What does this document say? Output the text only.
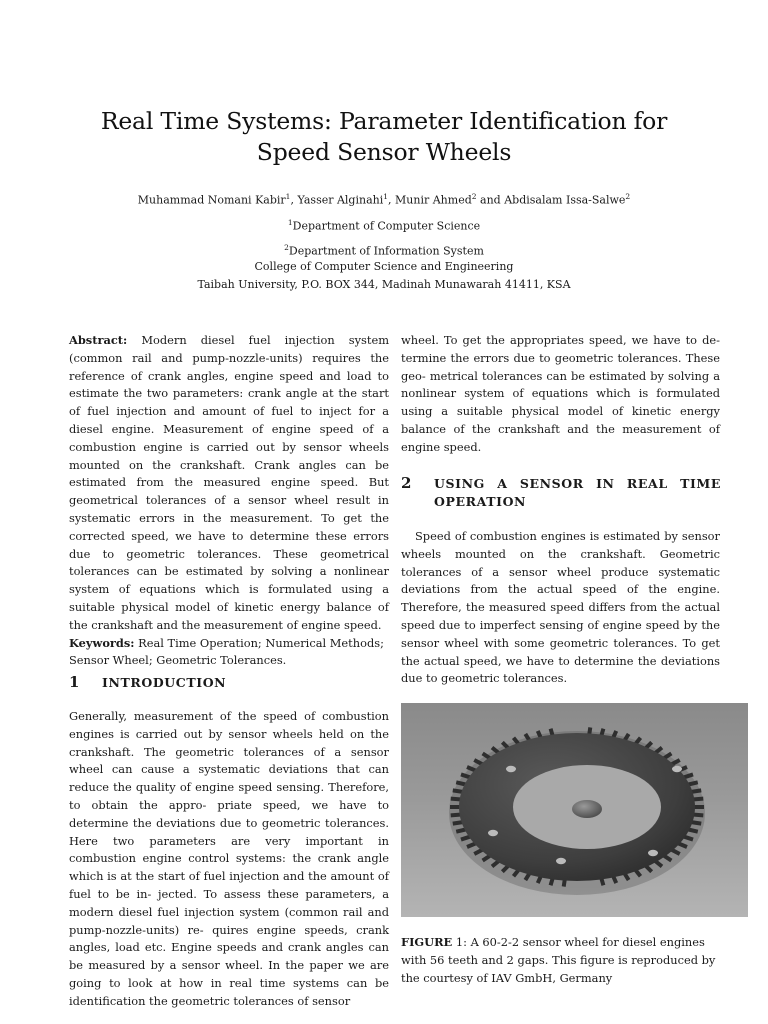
Real Time Systems: Parameter Identification for
Speed Sensor Wheels
Muhammad Nomani Kabir$^1$, Yasser Alginahi$^1$, Munir Ahmed$^2$ and Abdisalam Issa-Salwe$^2$
$^1$Department of Computer Science
$^2$Department of Information System
College of Computer Science and Engineering
Taibah University, P.O. BOX 344, Madinah Munawarah 41411, KSA

Abstract: Modern diesel fuel injection system (common rail and pump-nozzle-units) requires the reference of crank angles, engine speed and load to estimate the two parameters: crank angle at the start of fuel injection and amount of fuel to inject for a diesel engine. Measurement of engine speed of a combustion engine is carried out by sensor wheels mounted on the crankshaft. Crank angles can be estimated from the measured engine speed. But geometrical tolerances of a sensor wheel result in systematic errors in the measurement. To get the corrected speed, we have to determine these errors due to geometric tolerances. These geometrical tolerances can be estimated by solving a nonlinear system of equations which is formulated using a suitable physical model of kinetic energy balance of the crankshaft and the measurement of engine speed.

Keywords: Real Time Operation; Numerical Methods; Sensor Wheel; Geometric Tolerances.

1 INTRODUCTION

Generally, measurement of the speed of combustion engines is carried out by sensor wheels held on the crankshaft. The geometric tolerances of a sensor wheel can cause a systematic deviations that can reduce the quality of engine speed sensing. Therefore, to obtain the appro- priate speed, we have to determine the deviations due to geometric tolerances. Here two parameters are very important in combustion engine control systems: the crank angle which is at the start of fuel injection and the amount of fuel to be in- jected. To assess these parameters, a modern diesel fuel injection system (common rail and pump-nozzle-units) re- quires engine speeds, crank angles, load etc. Engine speeds and crank angles can be measured by a sensor wheel. In the paper we are going to look at how in real time systems can be identification the geometric tolerances of sensor

wheel. To get the appropriates speed, we have to de- termine the errors due to geometric tolerances. These geo- metrical tolerances can be estimated by solving a nonlinear system of equations which is formulated using a suitable physical model of kinetic energy balance of the crankshaft and the measurement of engine speed.

2 USING A SENSOR IN REAL TIME
OPERATION

Speed of combustion engines is estimated by sensor wheels mounted on the crankshaft. Geometric tolerances of a sensor wheel produce systematic deviations from the actual speed of the engine. Therefore, the measured speed differs from the actual speed due to imperfect sensing of engine speed by the sensor wheel with some geometric tolerances. To get the actual speed, we have to determine the deviations due to geometric tolerances.

FIGURE 1: A 60-2-2 sensor wheel for diesel engines with 56 teeth and 2 gaps. This figure is reproduced by the courtesy of IAV GmbH, Germany
